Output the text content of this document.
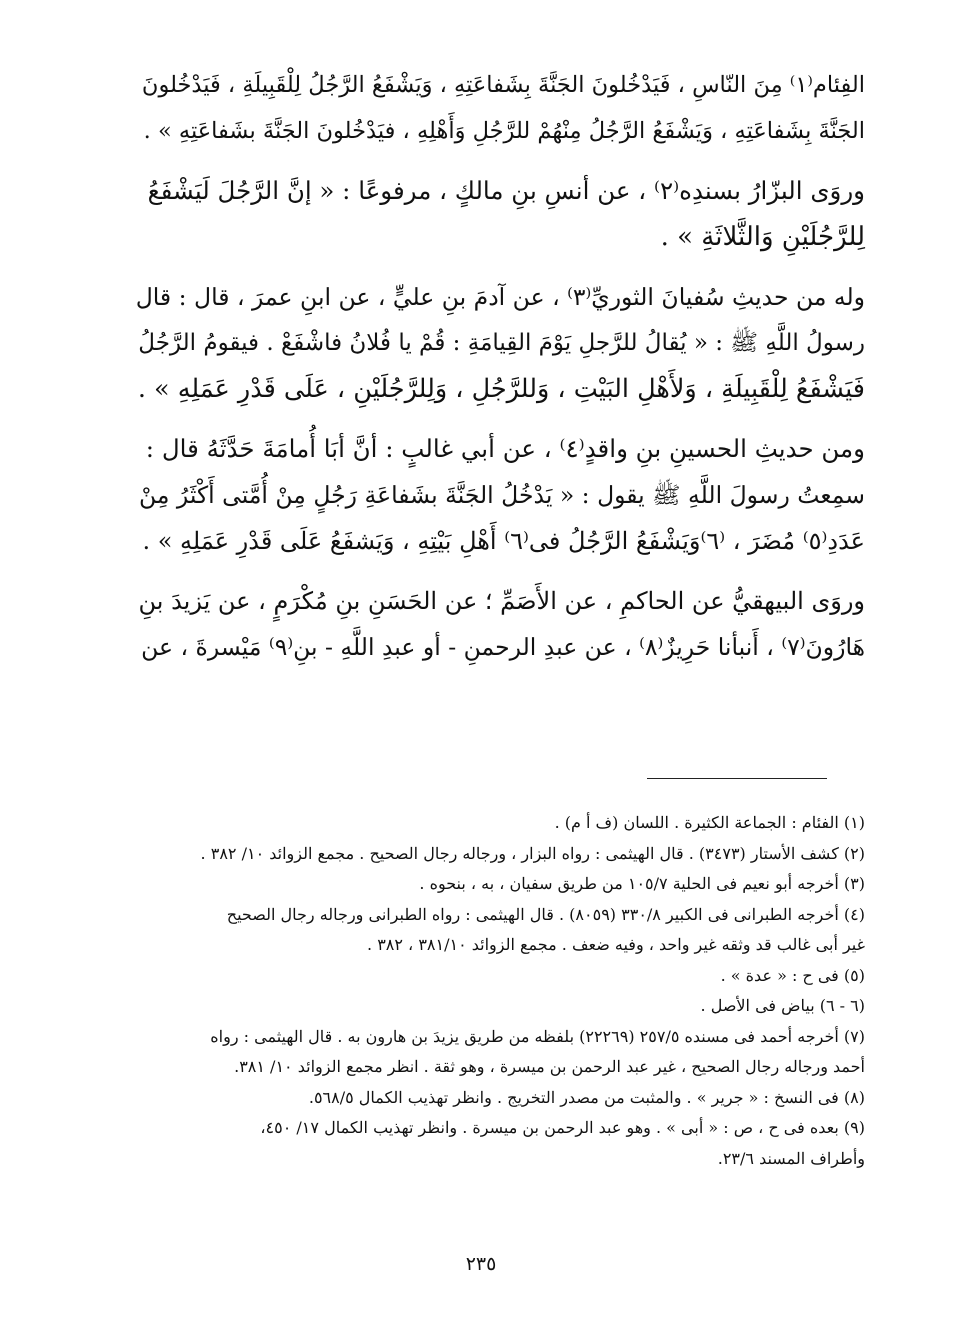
الفِئام⁽١⁾ مِنَ النّاسِ ، فَيَدْخُلونَ الجَنَّةَ بِشَفاعَتِهِ ، وَيَشْفَعُ الرَّجُلُ لِلْقَبِيلَةِ ، فَيَدْخُلونَ
الجَنَّةَ بِشَفاعَتِهِ ، وَيَشْفَعُ الرَّجُلُ مِنْهُمْ للرَّجُلِ وَأَهْلِهِ ، فيَدْخُلونَ الجَنَّةَ بشَفاعَتِهِ » .

وروَى البزّارُ بسندِه⁽٢⁾ ، عن أنسِ بنِ مالكٍ ، مرفوعًا : « إنَّ الرَّجُلَ لَيَشْفَعُ
لِلرَّجُلَيْنِ وَالثَّلاثَةِ » .

وله من حديثِ سُفيانَ الثوريِّ⁽٣⁾ ، عن آدمَ بنِ عليٍّ ، عن ابنِ عمرَ ، قال : قال
رسولُ اللَّهِ ﷺ : « يُقالُ للرَّجلِ يَوْمَ القِيامَةِ : قُمْ يا فُلانُ فاشْفَعْ . فيقومُ الرَّجُلُ
فَيَشْفَعُ لِلْقَبِيلَةِ ، وَلأَهْلِ البَيْتِ ، وَللرَّجُلِ ، وَلِلرَّجُلَيْنِ ، عَلَى قَدْرِ عَمَلِهِ » .

ومن حديثِ الحسينِ بنِ واقدٍ⁽٤⁾ ، عن أبي غالبٍ : أنَّ أبَا أُمامَةَ حَدَّثَهُ قال :
سمِعتُ رسولَ اللَّهِ ﷺ يقول : « يَدْخُلُ الجَنَّةَ بشَفاعَةِ رَجُلٍ مِنْ أُمَّتى أَكْثَرُ مِنْ
عَدَدِ⁽٥⁾ مُضَرَ ، ⁽٦⁾وَيَشْفَعُ الرَّجُلُ فى⁽٦⁾ أَهْلِ بَيْتِهِ ، وَيَشفَعُ عَلَى قَدْرِ عَمَلِهِ » .

وروَى البيهقيُّ عن الحاكمِ ، عن الأَصَمِّ ؛ عن الحَسَنِ بنِ مُكْرَمٍ ، عن يَزيدَ بنِ
هَارُونَ⁽٧⁾ ، أَنبأنا حَرِيزٌ⁽٨⁾ ، عن عبدِ الرحمنِ - أو عبدِ اللَّهِ - بنِ⁽٩⁾ مَيْسرةَ ، عن

(١) الفئام : الجماعة الكثيرة . اللسان (ف أ م) .

(٢) كشف الأستار (٣٤٧٣) . قال الهيثمى : رواه البزار ، ورجاله رجال الصحيح . مجمع الزوائد ١٠/ ٣٨٢ .

(٣) أخرجه أبو نعيم فى الحلية ١٠٥/٧ من طريق سفيان ، به ، بنحوه .

(٤) أخرجه الطبرانى فى الكبير ٣٣٠/٨ (٨٠٥٩) . قال الهيثمى : رواه الطبرانى ورجاله رجال الصحيح
غير أبى غالب قد وثقه غير واحد ، وفيه ضعف . مجمع الزوائد ٣٨١/١٠ ، ٣٨٢ .

(٥) فى ح : « عدة » .

(٦ - ٦) بياض فى الأصل .

(٧) أخرجه أحمد فى مسنده ٢٥٧/٥ (٢٢٢٦٩) بلفظه من طريق يزيدَ بن هارون به . قال الهيثمى : رواه
أحمد ورجاله رجال الصحيح ، غير عبد الرحمن بن ميسرة ، وهو ثقة . انظر مجمع الزوائد ١٠/ ٣٨١.

(٨) فى النسخ : « جرير » . والمثبت من مصدر التخريج . وانظر تهذيب الكمال ٥٦٨/٥.

(٩) بعده فى ح ، ص : « أبى » . وهو عبد الرحمن بن ميسرة . وانظر تهذيب الكمال ١٧/ ٤٥٠،
وأطراف المسند ٢٣/٦.

٢٣٥
